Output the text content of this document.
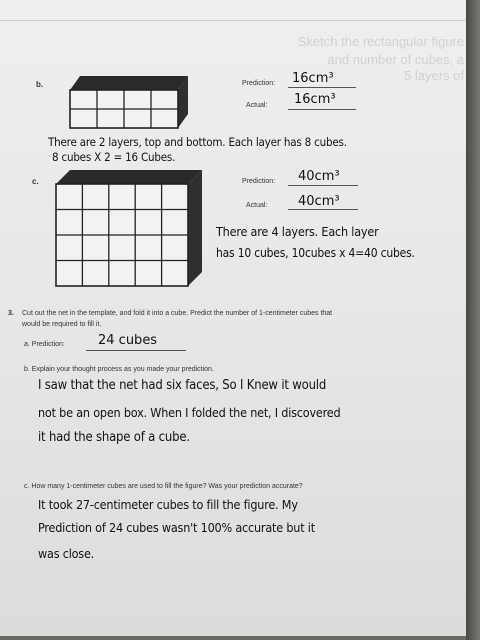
Sketch the rectangular figure
and number of cubes, a
5 layers of
b.	Prediction: 16cm³
Actual: 16cm³
There are 2 layers, top and bottom. Each layer has 8 cubes.
8 cubes X 2 = 16 Cubes.
c.	Prediction: 40cm³
Actual: 40cm³
There are 4 layers. Each layer
has 10 cubes, 10cubes x 4=40 cubes.
3. Cut out the net in the template, and fold it into a cube. Predict the number of 1-centimeter cubes that
would be required to fill it.
a. Prediction:	24 cubes
b. Explain your thought process as you made your prediction.
I saw that the net had six faces, So I Knew it would
not be an open box. When I folded the net, I discovered
it had the shape of a cube.
c. How many 1-centimeter cubes are used to fill the figure? Was your prediction accurate?
It took 27-centimeter cubes to fill the figure. My
Prediction of 24 cubes wasn't 100% accurate but it
was close.
